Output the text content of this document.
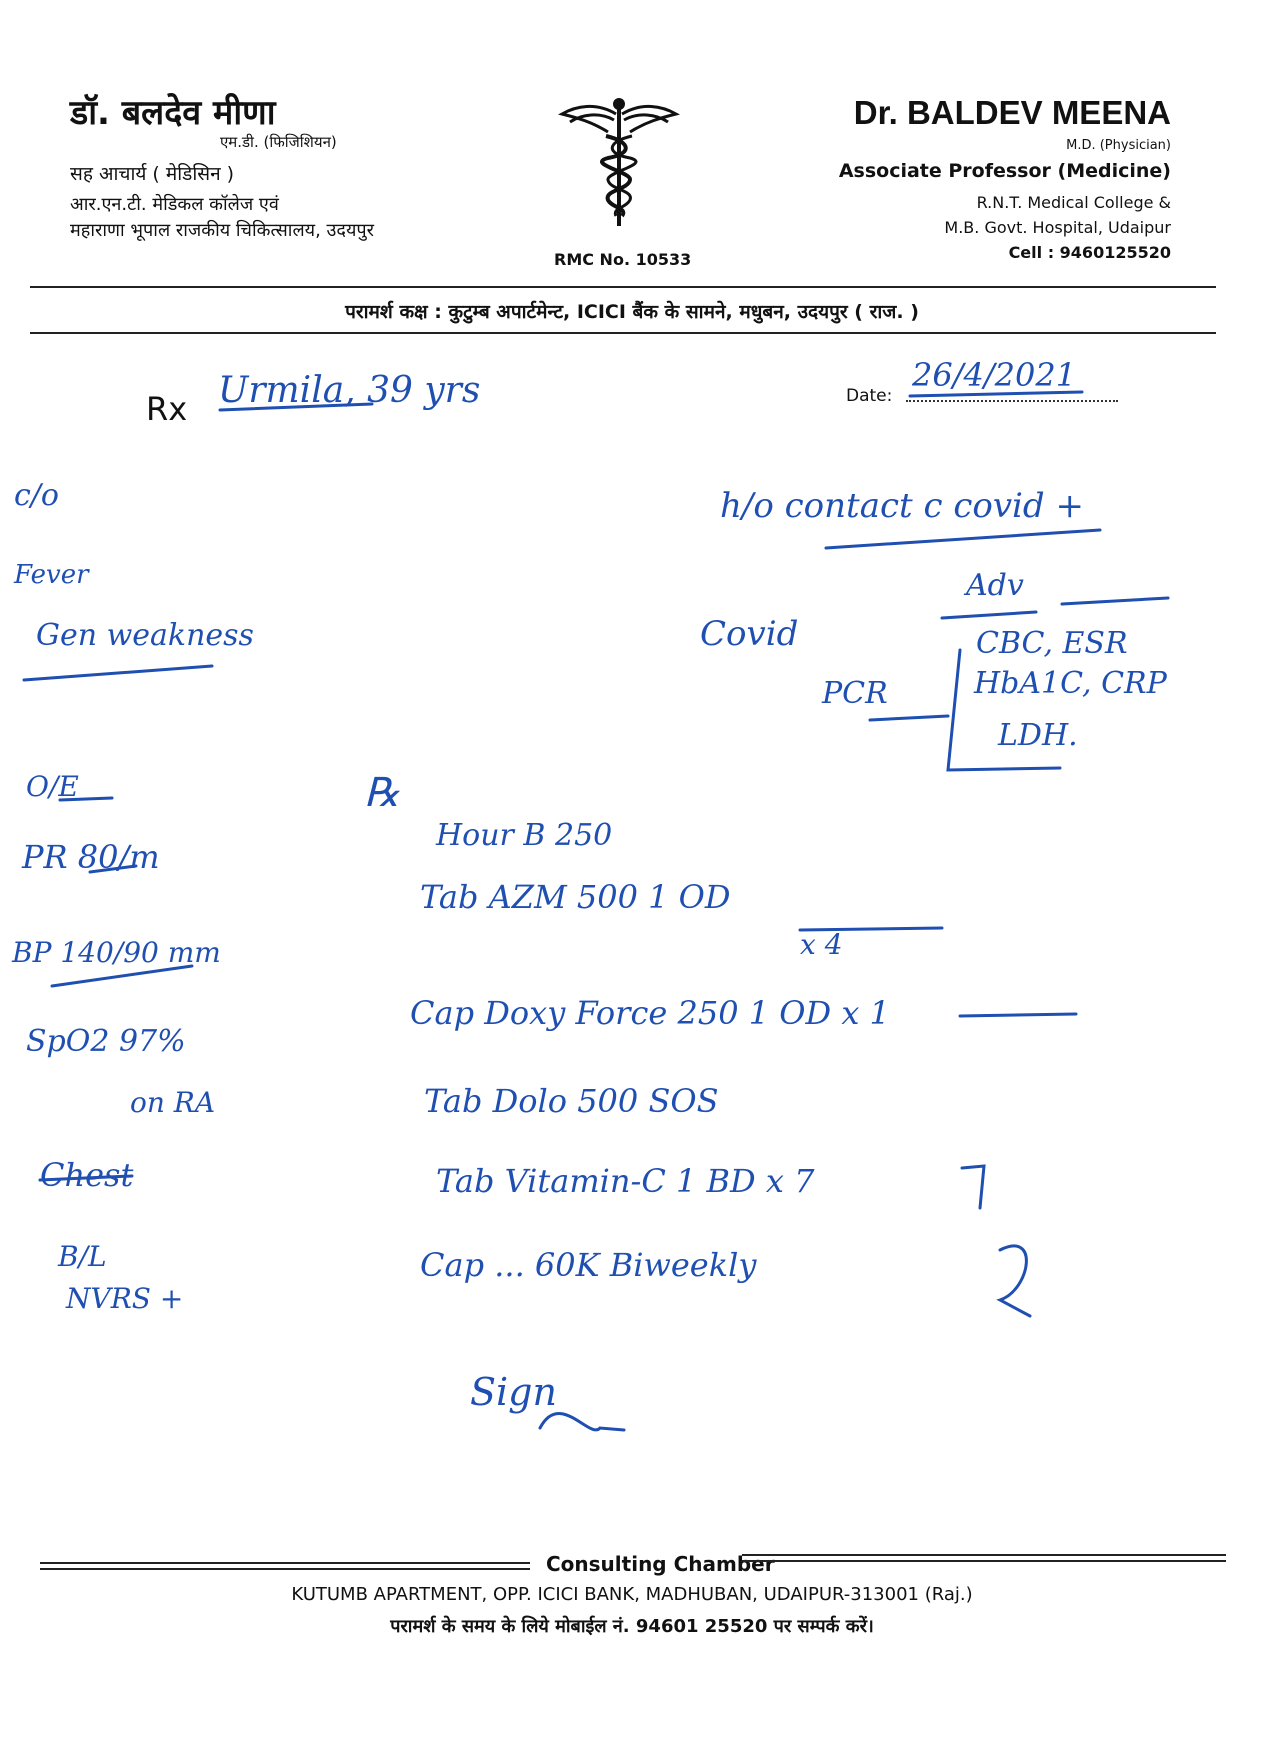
डॉ. बलदेव मीणा
एम.डी. (फिजिशियन)
सह आचार्य ( मेडिसिन )
आर.एन.टी. मेडिकल कॉलेज एवं
महाराणा भूपाल राजकीय चिकित्सालय, उदयपुर
RMC No. 10533
Dr. BALDEV MEENA
M.D. (Physician)
Associate Professor (Medicine)
R.N.T. Medical College &
M.B. Govt. Hospital, Udaipur
Cell : 9460125520
परामर्श कक्ष : कुटुम्ब अपार्टमेन्ट, ICICI बैंक के सामने, मधुबन, उदयपुर ( राज. )
Rx Urmila, 39 yrs	Date:
26/4/2021
c/o
Fever
Gen weakness
O/E
PR 80/m
BP 140/90 mm
SpO2 97%
on RA
Chest
B/L
NVRS +
h/o contact c covid +
Adv
Covid
PCR
CBC, ESR
HbA1C, CRP
LDH.
℞
Hour B 250
Tab AZM 500 1 OD
x 4
Cap Doxy Force 250 1 OD x 1
Tab Dolo 500 SOS
Tab Vitamin-C 1 BD x 7
Cap ... 60K Biweekly
Sign
Consulting Chamber
KUTUMB APARTMENT, OPP. ICICI BANK, MADHUBAN, UDAIPUR-313001 (Raj.)
परामर्श के समय के लिये मोबाईल नं. 94601 25520 पर सम्पर्क करें।
